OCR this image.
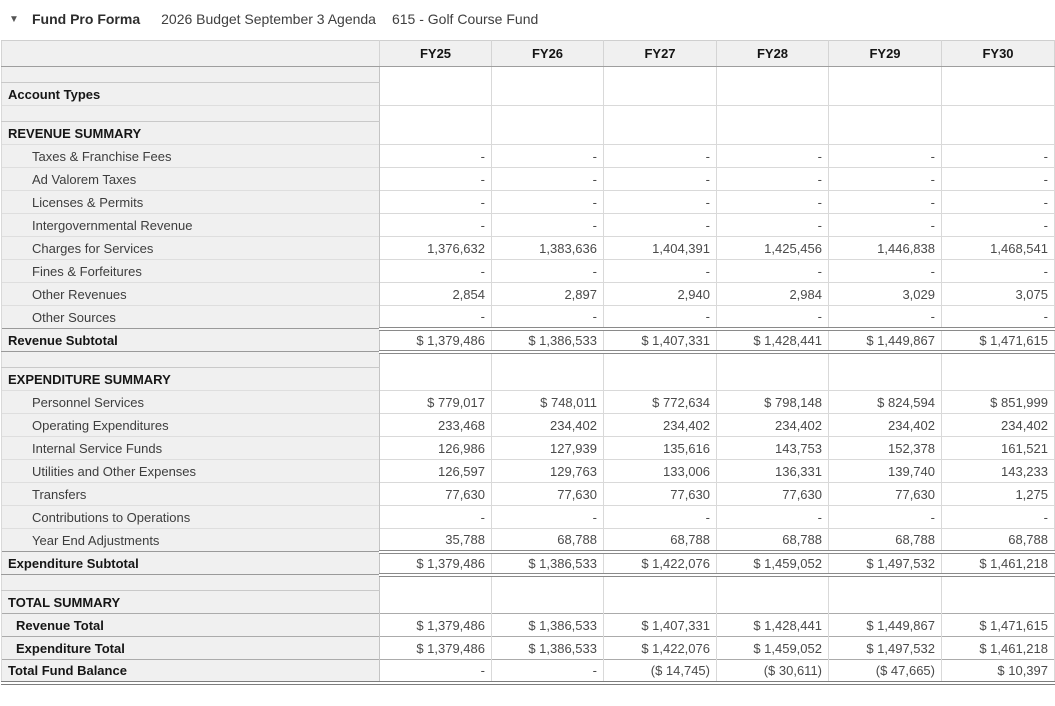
▼ Fund Pro Forma 2026 Budget September 3 Agenda 615 - Golf Course Fund
	FY25	FY26	FY27	FY28	FY29	FY30

Account Types						

REVENUE SUMMARY						
Taxes & Franchise Fees	-	-	-	-	-	-
Ad Valorem Taxes	-	-	-	-	-	-
Licenses & Permits	-	-	-	-	-	-
Intergovernmental Revenue	-	-	-	-	-	-
Charges for Services	1,376,632	1,383,636	1,404,391	1,425,456	1,446,838	1,468,541
Fines & Forfeitures	-	-	-	-	-	-
Other Revenues	2,854	2,897	2,940	2,984	3,029	3,075
Other Sources	-	-	-	-	-	-
Revenue Subtotal	$ 1,379,486	$ 1,386,533	$ 1,407,331	$ 1,428,441	$ 1,449,867	$ 1,471,615

EXPENDITURE SUMMARY						
Personnel Services	$ 779,017	$ 748,011	$ 772,634	$ 798,148	$ 824,594	$ 851,999
Operating Expenditures	233,468	234,402	234,402	234,402	234,402	234,402
Internal Service Funds	126,986	127,939	135,616	143,753	152,378	161,521
Utilities and Other Expenses	126,597	129,763	133,006	136,331	139,740	143,233
Transfers	77,630	77,630	77,630	77,630	77,630	1,275
Contributions to Operations	-	-	-	-	-	-
Year End Adjustments	35,788	68,788	68,788	68,788	68,788	68,788
Expenditure Subtotal	$ 1,379,486	$ 1,386,533	$ 1,422,076	$ 1,459,052	$ 1,497,532	$ 1,461,218

TOTAL SUMMARY						
Revenue Total	$ 1,379,486	$ 1,386,533	$ 1,407,331	$ 1,428,441	$ 1,449,867	$ 1,471,615
Expenditure Total	$ 1,379,486	$ 1,386,533	$ 1,422,076	$ 1,459,052	$ 1,497,532	$ 1,461,218
Total Fund Balance	-	-	($ 14,745)	($ 30,611)	($ 47,665)	$ 10,397
